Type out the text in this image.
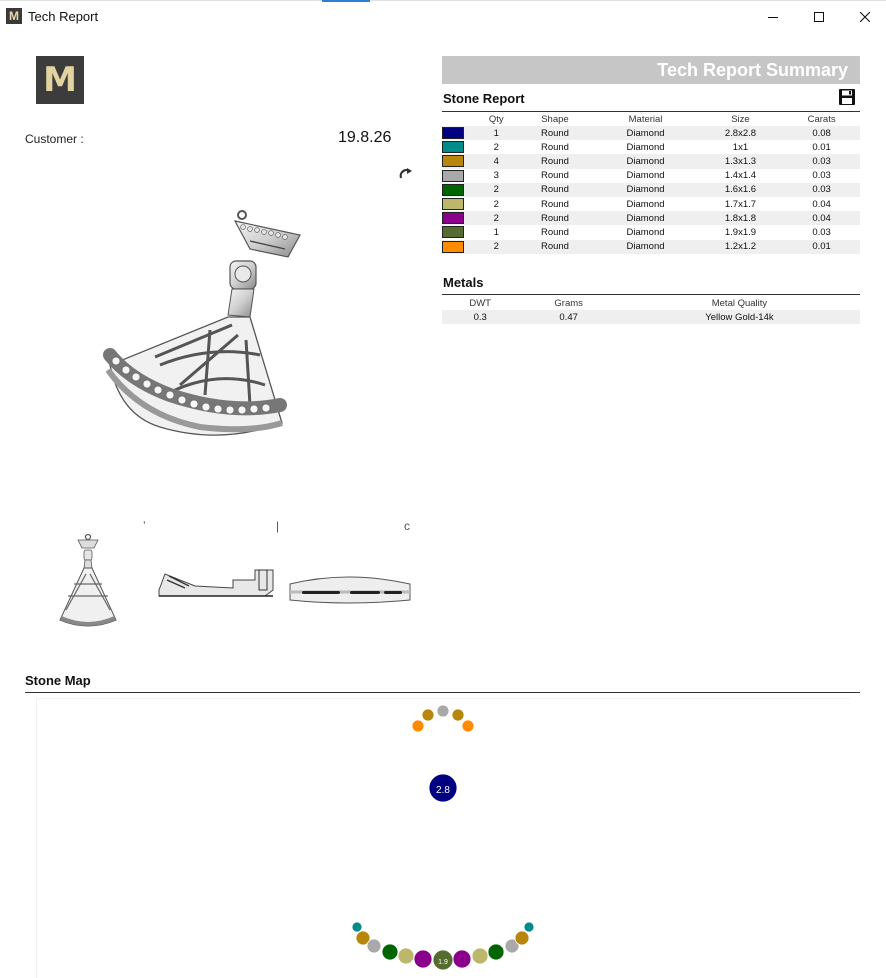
M Tech Report
M
Customer :	19.8.26
ʼ	|	c
Tech Report Summary
Stone Report
	Qty	Shape	Material	Size	Carats
	1	Round	Diamond	2.8x2.8	0.08
	2	Round	Diamond	1x1	0.01
	4	Round	Diamond	1.3x1.3	0.03
	3	Round	Diamond	1.4x1.4	0.03
	2	Round	Diamond	1.6x1.6	0.03
	2	Round	Diamond	1.7x1.7	0.04
	2	Round	Diamond	1.8x1.8	0.04
	1	Round	Diamond	1.9x1.9	0.03
	2	Round	Diamond	1.2x1.2	0.01
Metals
DWT	Grams	Metal Quality
0.3	0.47	Yellow Gold-14k
Stone Map
2.8
1.9
